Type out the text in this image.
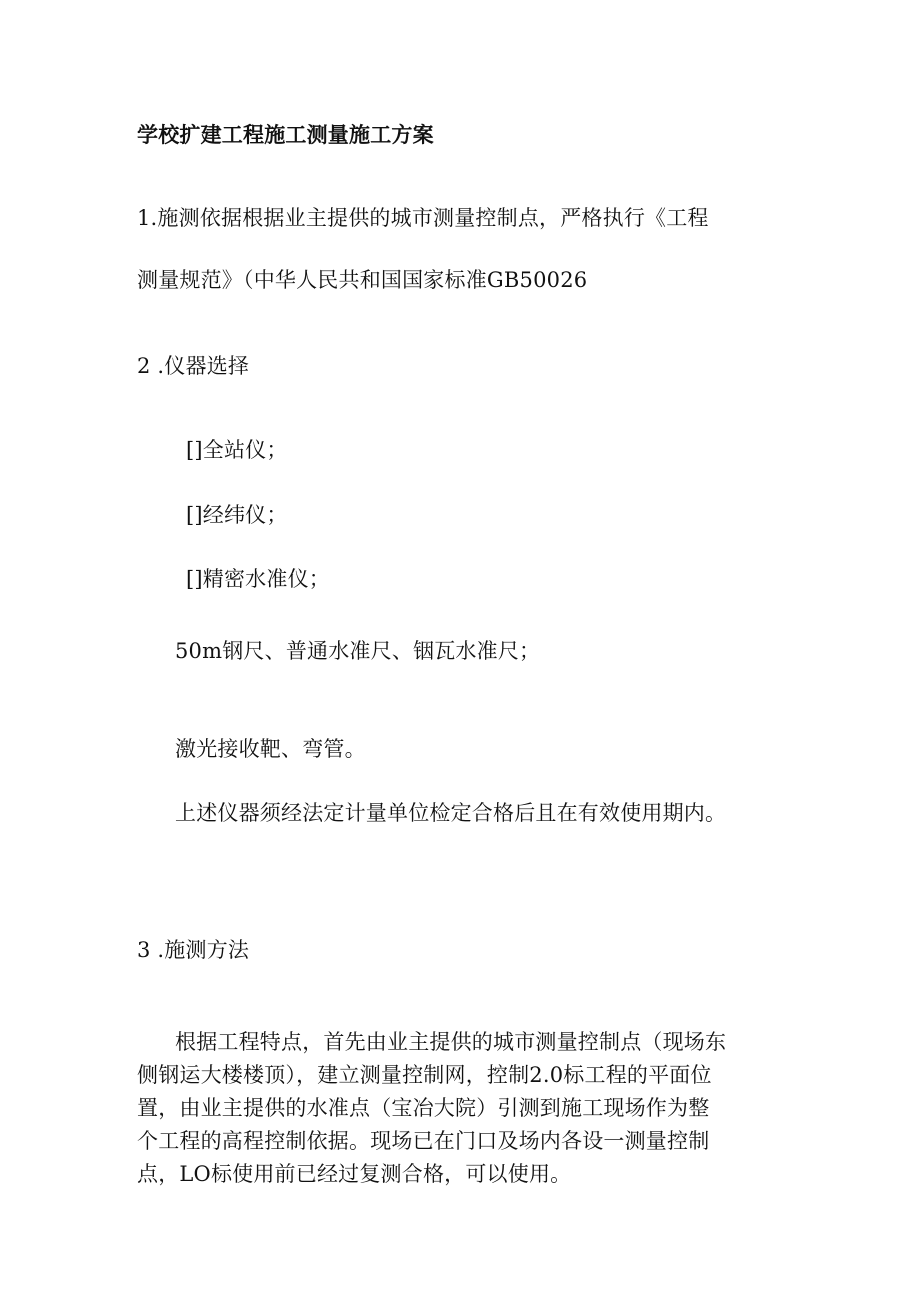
学校扩建工程施工测量施工方案

1.施测依据根据业主提供的城市测量控制点，严格执行《工程

测量规范》（中华人民共和国国家标准GB50026

2 .仪器选择

[]全站仪；

[]经纬仪；

[]精密水准仪；

50m钢尺、普通水准尺、铟瓦水准尺；

激光接收靶、弯管。

上述仪器须经法定计量单位检定合格后且在有效使用期内。

3 .施测方法

根据工程特点，首先由业主提供的城市测量控制点（现场东
侧钢运大楼楼顶），建立测量控制网，控制2.0标工程的平面位
置，由业主提供的水准点（宝冶大院）引测到施工现场作为整
个工程的高程控制依据。现场已在门口及场内各设一测量控制
点，LO标使用前已经过复测合格，可以使用。
